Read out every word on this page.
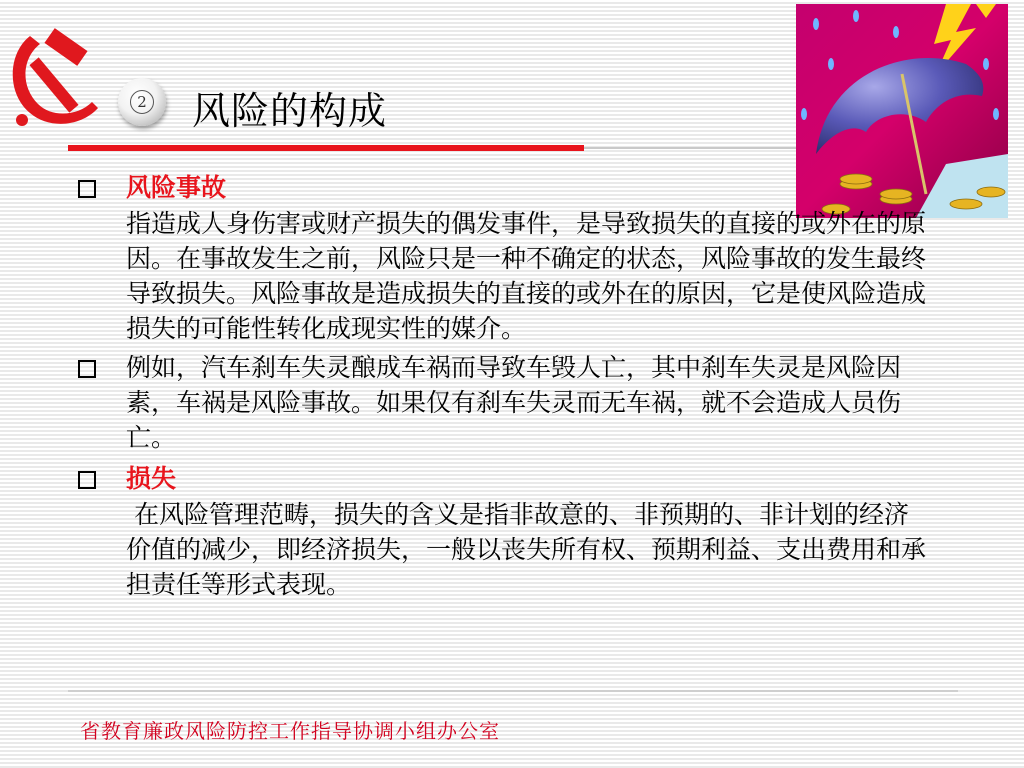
2 风险的构成
风险事故
指造成人身伤害或财产损失的偶发事件，是导致损失的直接的或外在的原因。在事故发生之前，风险只是一种不确定的状态，风险事故的发生最终导致损失。风险事故是造成损失的直接的或外在的原因，它是使风险造成损失的可能性转化成现实性的媒介。
例如，汽车刹车失灵酿成车祸而导致车毁人亡，其中刹车失灵是风险因素，车祸是风险事故。如果仅有刹车失灵而无车祸，就不会造成人员伤亡。
损失
在风险管理范畴，损失的含义是指非故意的、非预期的、非计划的经济价值的减少，即经济损失，一般以丧失所有权、预期利益、支出费用和承担责任等形式表现。
省教育廉政风险防控工作指导协调小组办公室
